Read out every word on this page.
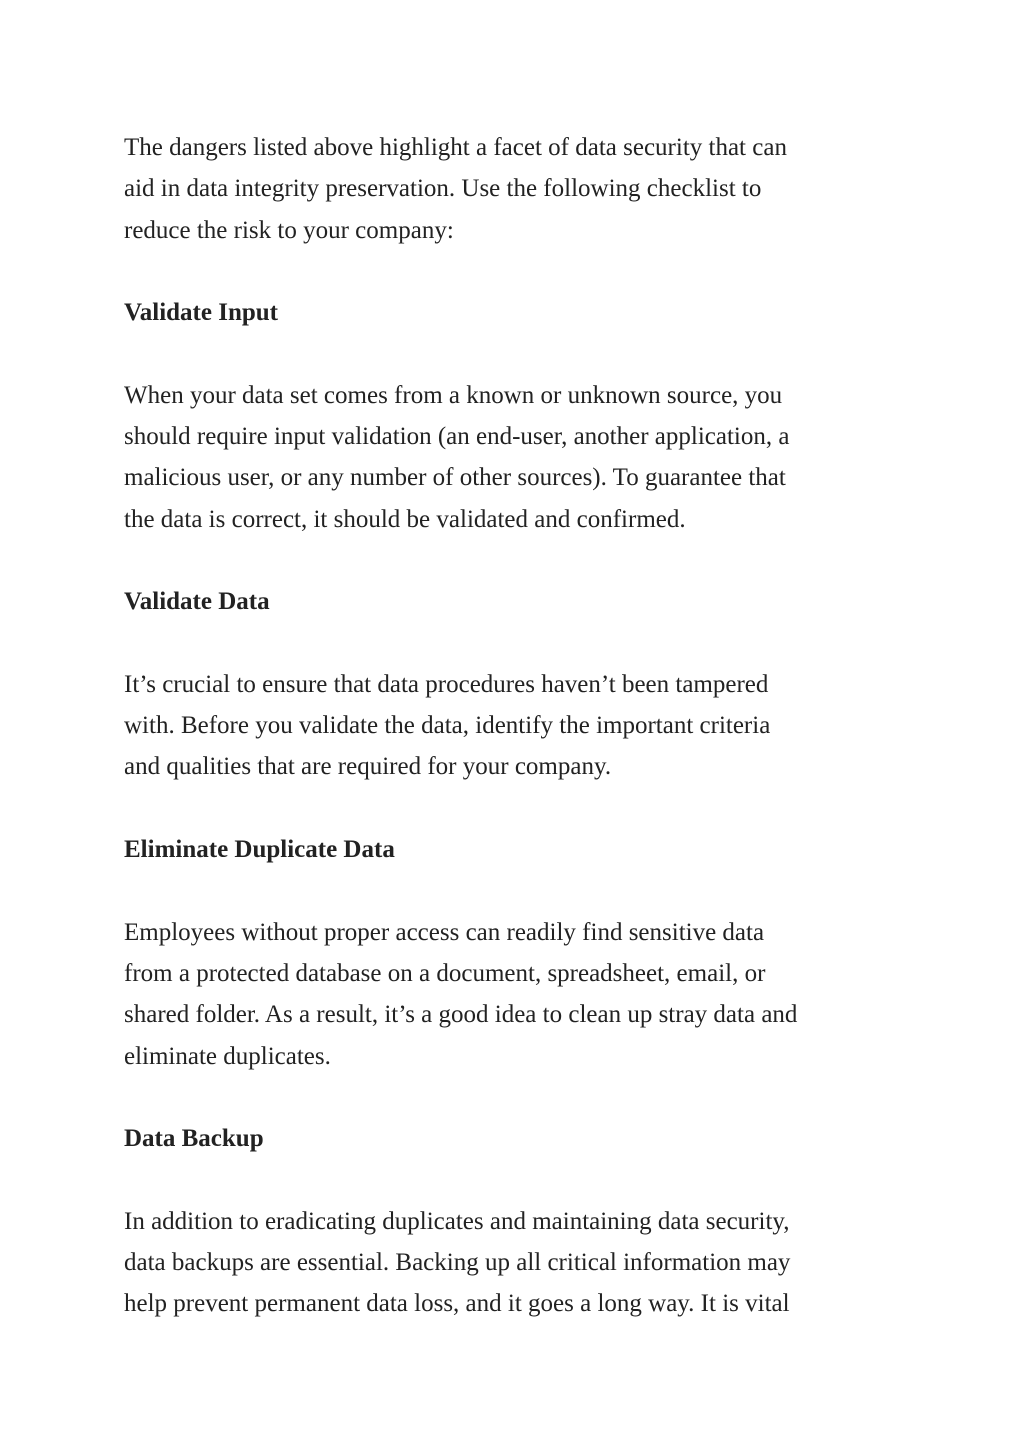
The dangers listed above highlight a facet of data security that can
aid in data integrity preservation. Use the following checklist to
reduce the risk to your company:

Validate Input

When your data set comes from a known or unknown source, you
should require input validation (an end-user, another application, a
malicious user, or any number of other sources). To guarantee that
the data is correct, it should be validated and confirmed.

Validate Data

It’s crucial to ensure that data procedures haven’t been tampered
with. Before you validate the data, identify the important criteria
and qualities that are required for your company.

Eliminate Duplicate Data

Employees without proper access can readily find sensitive data
from a protected database on a document, spreadsheet, email, or
shared folder. As a result, it’s a good idea to clean up stray data and
eliminate duplicates.

Data Backup

In addition to eradicating duplicates and maintaining data security,
data backups are essential. Backing up all critical information may
help prevent permanent data loss, and it goes a long way. It is vital
